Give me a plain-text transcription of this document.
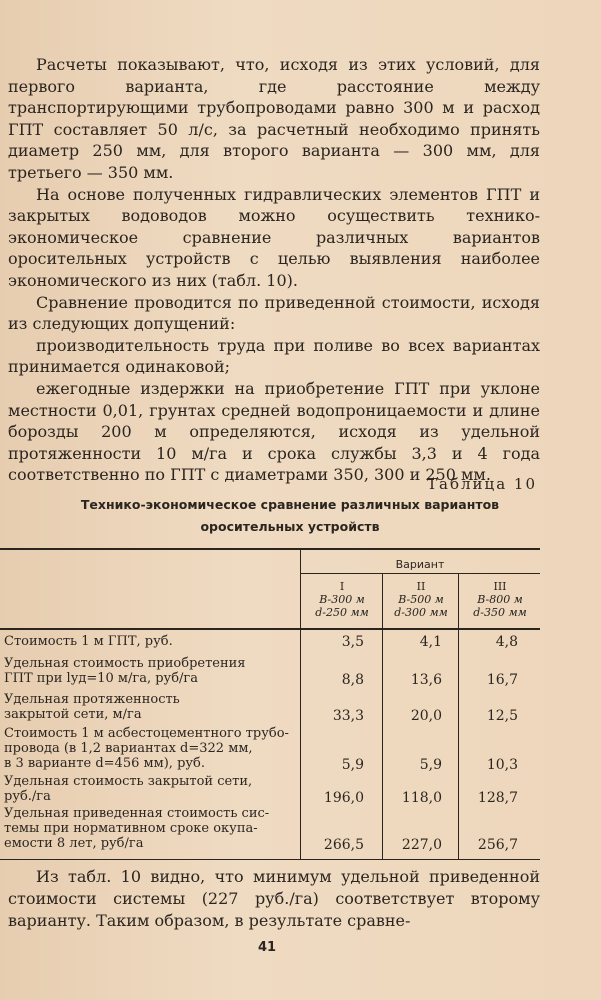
Расчеты показывают, что, исходя из этих условий, для первого варианта, где расстояние между транспортирующими трубопроводами равно 300 м и расход ГПТ составляет 50 л/с, за расчетный необходимо принять диаметр 250 мм, для второго варианта — 300 мм, для третьего — 350 мм.

На основе полученных гидравлических элементов ГПТ и закрытых водоводов можно осуществить технико-экономическое сравнение различных вариантов оросительных устройств с целью выявления наиболее экономического из них (табл. 10).

Сравнение проводится по приведенной стоимости, исходя из следующих допущений:

производительность труда при поливе во всех вариантах принимается одинаковой;

ежегодные издержки на приобретение ГПТ при уклоне местности 0,01, грунтах средней водопроницаемости и длине борозды 200 м определяются, исходя из удельной протяженности 10 м/га и срока службы 3,3 и 4 года соответственно по ГПТ с диаметрами 350, 300 и 250 мм.

Таблица 10
Технико-экономическое сравнение различных вариантов
оросительных устройств
Вариант
I
B-300 м
d-250 мм
II
B-500 м
d-300 мм
III
B-800 м
d-350 мм
Стоимость 1 м ГПТ, руб.	3,5	4,1	4,8
Удельная стоимость приобретения
ГПТ при lуд=10 м/га, руб/га	8,8	13,6	16,7
Удельная протяженность
закрытой сети, м/га	33,3	20,0	12,5
Стоимость 1 м асбестоцементного трубо-
провода (в 1,2 вариантах d=322 мм,
в 3 варианте d=456 мм), руб.	5,9	5,9	10,3
Удельная стоимость закрытой сети,
руб./га	196,0	118,0	128,7
Удельная приведенная стоимость сис-
темы при нормативном сроке окупа-
емости 8 лет, руб/га	266,5	227,0	256,7

Из табл. 10 видно, что минимум удельной приведенной стоимости системы (227 руб./га) соответствует второму варианту. Таким образом, в результате сравне-

41
